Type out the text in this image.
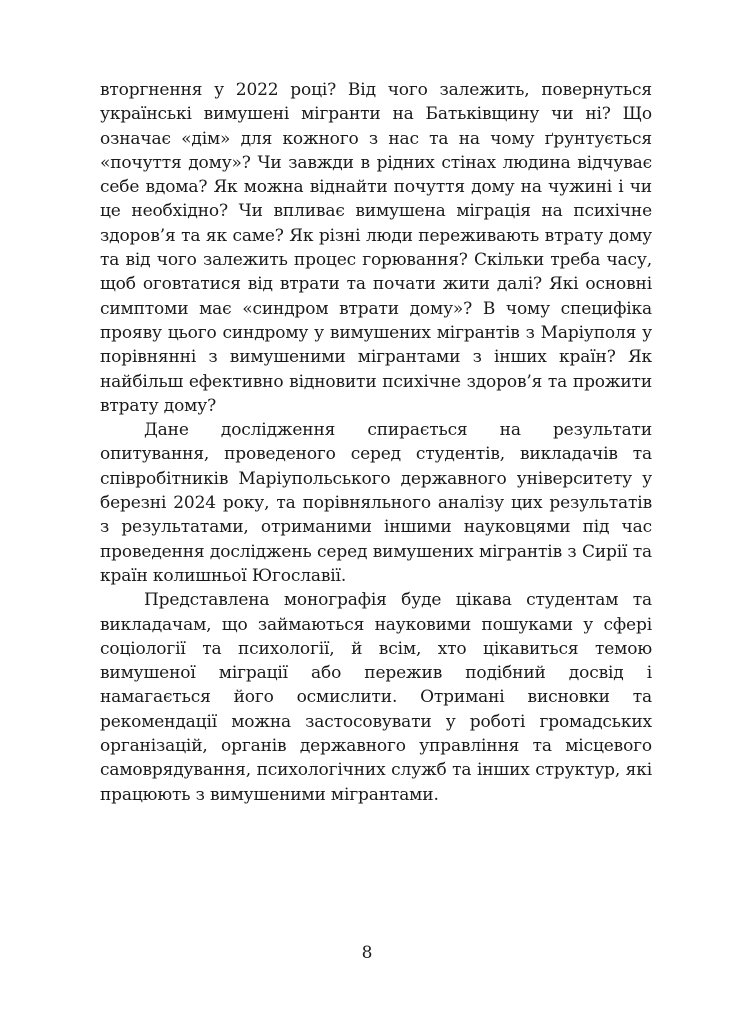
вторгнення у 2022 році? Від чого залежить, повернуться українські вимушені мігранти на Батьківщину чи ні? Що означає «дім» для кожного з нас та на чому ґрунтується «почуття дому»? Чи завжди в рідних стінах людина відчуває себе вдома? Як можна віднайти почуття дому на чужині і чи це необхідно? Чи впливає вимушена міграція на психічне здоров’я та як саме? Як різні люди переживають втрату дому та від чого залежить процес горювання? Скільки треба часу, щоб оговтатися від втрати та почати жити далі? Які основні симптоми має «синдром втрати дому»? В чому специфіка прояву цього синдрому у вимушених мігрантів з Маріуполя у порівнянні з вимушеними мігрантами з інших країн? Як найбільш ефективно відновити психічне здоров’я та прожити втрату дому?

Дане дослідження спирається на результати опитування, проведеного серед студентів, викладачів та співробітників Маріупольського державного університету у березні 2024 року, та порівняльного аналізу цих результатів з результатами, отриманими іншими науковцями під час проведення досліджень серед вимушених мігрантів з Сирії та країн колишньої Югославії.

Представлена монографія буде цікава студентам та викладачам, що займаються науковими пошуками у сфері соціології та психології, й всім, хто цікавиться темою вимушеної міграції або пережив подібний досвід і намагається його осмислити. Отримані висновки та рекомендації можна застосовувати у роботі громадських організацій, органів державного управління та місцевого самоврядування, психологічних служб та інших структур, які працюють з вимушеними мігрантами.

8
